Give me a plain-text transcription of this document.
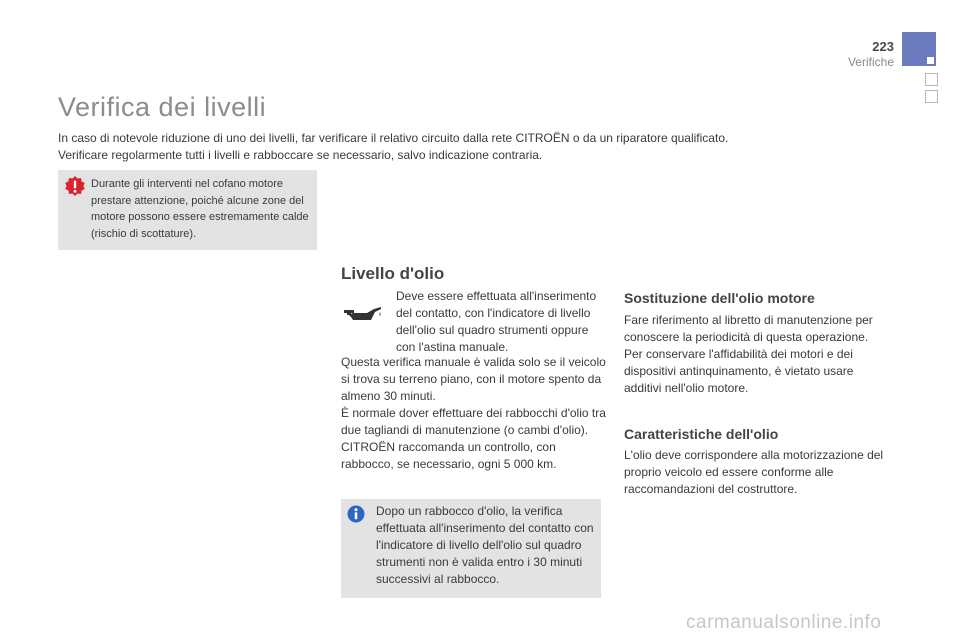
223
Verifiche
Verifica dei livelli

In caso di notevole riduzione di uno dei livelli, far verificare il relativo circuito dalla rete CITROËN o da un riparatore qualificato.

Verificare regolarmente tutti i livelli e rabboccare se necessario, salvo indicazione contraria.

Durante gli interventi nel cofano motore prestare attenzione, poiché alcune zone del motore possono essere estremamente calde (rischio di scottature).
Livello d'olio
Deve essere effettuata all'inserimento del contatto, con l'indicatore di livello dell'olio sul quadro strumenti oppure con l'astina manuale.

Questa verifica manuale è valida solo se il veicolo si trova su terreno piano, con il motore spento da almeno 30 minuti.

È normale dover effettuare dei rabbocchi d'olio tra due tagliandi di manutenzione (o cambi d'olio). CITROËN raccomanda un controllo, con rabbocco, se necessario, ogni 5 000 km.

Dopo un rabbocco d'olio, la verifica effettuata all'inserimento del contatto con l'indicatore di livello dell'olio sul quadro strumenti non è valida entro i 30 minuti successivi al rabbocco.
Sostituzione dell'olio motore
Fare riferimento al libretto di manutenzione per conoscere la periodicità di questa operazione. Per conservare l'affidabilità dei motori e dei dispositivi antinquinamento, è vietato usare additivi nell'olio motore.
Caratteristiche dell'olio
L'olio deve corrispondere alla motorizzazione del proprio veicolo ed essere conforme alle raccomandazioni del costruttore.
carmanualsonline.info
